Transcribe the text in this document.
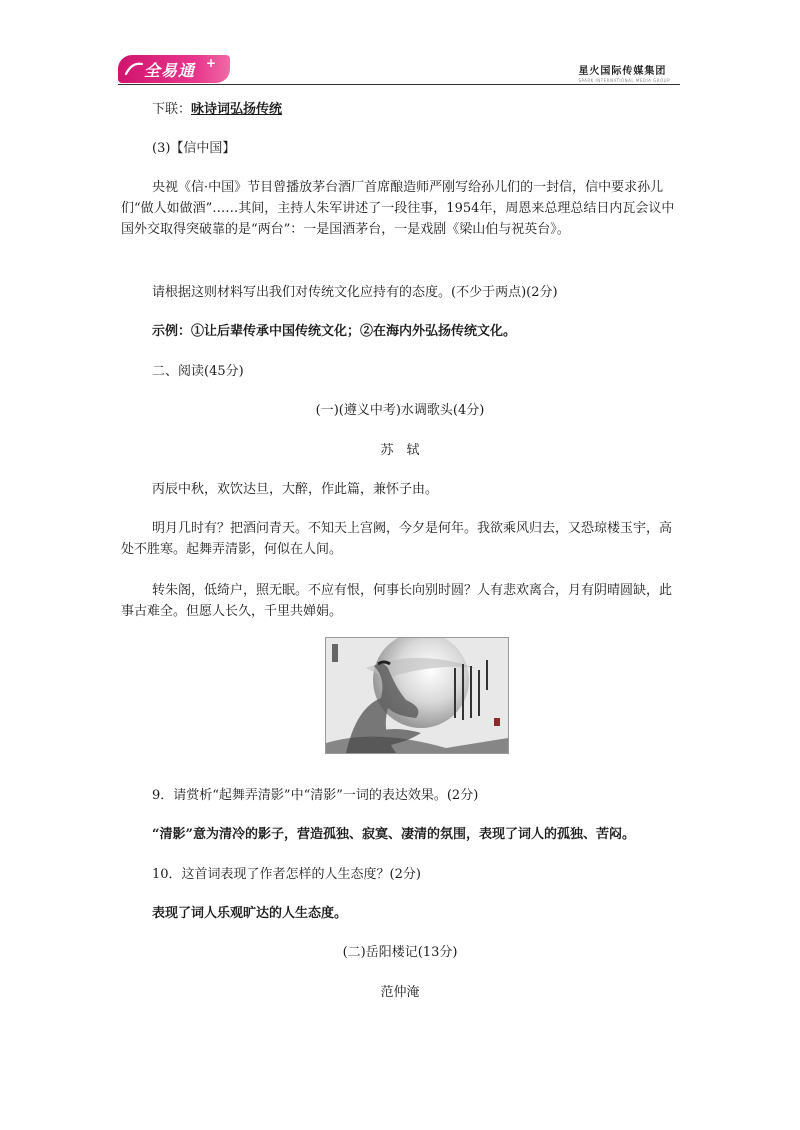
全易通 +
星火国际传媒集团
SPARK INTERNATIONAL MEDIA GROUP

下联：咏诗词弘扬传统

(3)【信中国】

央视《信·中国》节目曾播放茅台酒厂首席酿造师严刚写给孙儿们的一封信，信中要求孙儿们“做人如做酒”……其间，主持人朱军讲述了一段往事，1954年，周恩来总理总结日内瓦会议中国外交取得突破靠的是“两台”：一是国酒茅台，一是戏剧《梁山伯与祝英台》。

请根据这则材料写出我们对传统文化应持有的态度。(不少于两点)(2分)

示例：①让后辈传承中国传统文化；②在海内外弘扬传统文化。

二、阅读(45分)

(一)(遵义中考)水调歌头(4分)

苏　轼

丙辰中秋，欢饮达旦，大醉，作此篇，兼怀子由。

明月几时有？把酒问青天。不知天上宫阙，今夕是何年。我欲乘风归去，又恐琼楼玉宇，高处不胜寒。起舞弄清影，何似在人间。

转朱阁，低绮户，照无眠。不应有恨，何事长向别时圆？人有悲欢离合，月有阴晴圆缺，此事古难全。但愿人长久，千里共婵娟。

9．请赏析“起舞弄清影”中“清影”一词的表达效果。(2分)

“清影”意为清冷的影子，营造孤独、寂寞、凄清的氛围，表现了词人的孤独、苦闷。

10．这首词表现了作者怎样的人生态度？(2分)

表现了词人乐观旷达的人生态度。

(二)岳阳楼记(13分)

范仲淹
